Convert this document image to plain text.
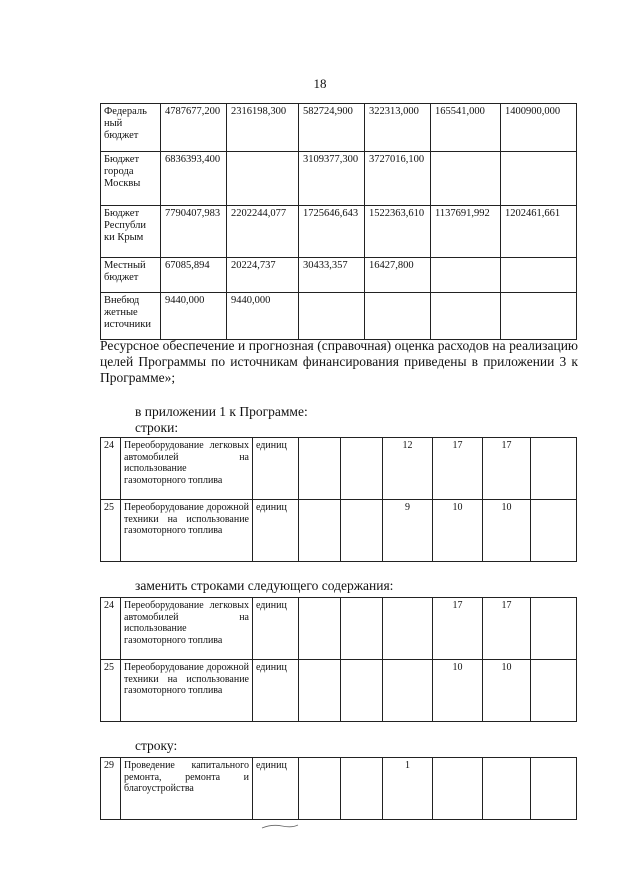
18
Федераль ный бюджет	4787677,200	2316198,300	582724,900	322313,000	165541,000	1400900,000
Бюджет города Москвы	6836393,400		3109377,300	3727016,100		
Бюджет Республи ки Крым	7790407,983	2202244,077	1725646,643	1522363,610	1137691,992	1202461,661
Местный бюджет	67085,894	20224,737	30433,357	16427,800		
Внебюд жетные источники	9440,000	9440,000				
Ресурсное обеспечение и прогнозная (справочная) оценка расходов на реализацию целей Программы по источникам финансирования приведены в приложении 3 к Программе»;
в приложении 1 к Программе:
строки:
24	Переоборудование легковых автомобилей на использование газомоторного топлива	единиц			12	17	17	
25	Переоборудование дорожной техники на использование газомоторного топлива	единиц			9	10	10	
заменить строками следующего содержания:
24	Переоборудование легковых автомобилей на использование газомоторного топлива	единиц				17	17	
25	Переоборудование дорожной техники на использование газомоторного топлива	единиц				10	10	
строку:
29	Проведение капитального ремонта, ремонта и благоустройства	единиц			1			
